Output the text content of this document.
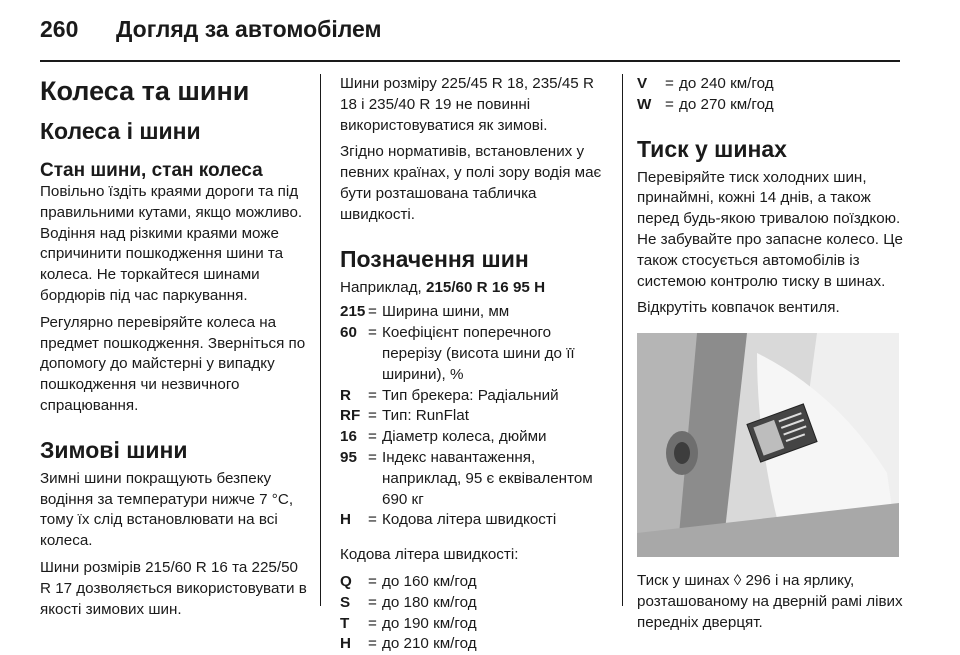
260	Догляд за автомобілем
Колеса та шини
Колеса і шини
Стан шини, стан колеса
Повільно їздіть краями дороги та під правильними кутами, якщо можливо. Водіння над різкими краями може спричинити пошкодження шини та колеса. Не торкайтеся шинами бордюрів під час паркування.
Регулярно перевіряйте колеса на предмет пошкодження. Зверніться по допомогу до майстерні у випадку пошкодження чи незвичного спрацювання.
Зимові шини
Зимні шини покращують безпеку водіння за температури нижче 7 °C, тому їх слід встановлювати на всі колеса.
Шини розмірів 215/60 R 16 та 225/50 R 17 дозволяється використовувати в якості зимових шин.
Шини розміру 225/45 R 18, 235/45 R 18 і 235/40 R 19 не повинні використовуватися як зимові.
Згідно нормативів, встановлених у певних країнах, у полі зору водія має бути розташована табличка швидкості.
Позначення шин
Наприклад, 215/60 R 16 95 H
215 = Ширина шини, мм
60 = Коефіцієнт поперечного перерізу (висота шини до її ширини), %
R	= Тип брекера: Радіальний
RF = Тип: RunFlat
16 = Діаметр колеса, дюйми
95 = Індекс навантаження, наприклад, 95 є еквівалентом 690 кг
H	= Кодова літера швидкості
Кодова літера швидкості:
Q	= до 160 км/год
S	= до 180 км/год
T	= до 190 км/год
H	= до 210 км/год
V	= до 240 км/год
W = до 270 км/год
Тиск у шинах
Перевіряйте тиск холодних шин, принаймні, кожні 14 днів, а також перед будь-якою тривалою поїздкою. Не забувайте про запасне колесо. Це також стосується автомобілів із системою контролю тиску в шинах.
Відкрутіть ковпачок вентиля.
Тиск у шинах ◊ 296 і на ярлику, розташованому на дверній рамі лівих передніх дверцят.
